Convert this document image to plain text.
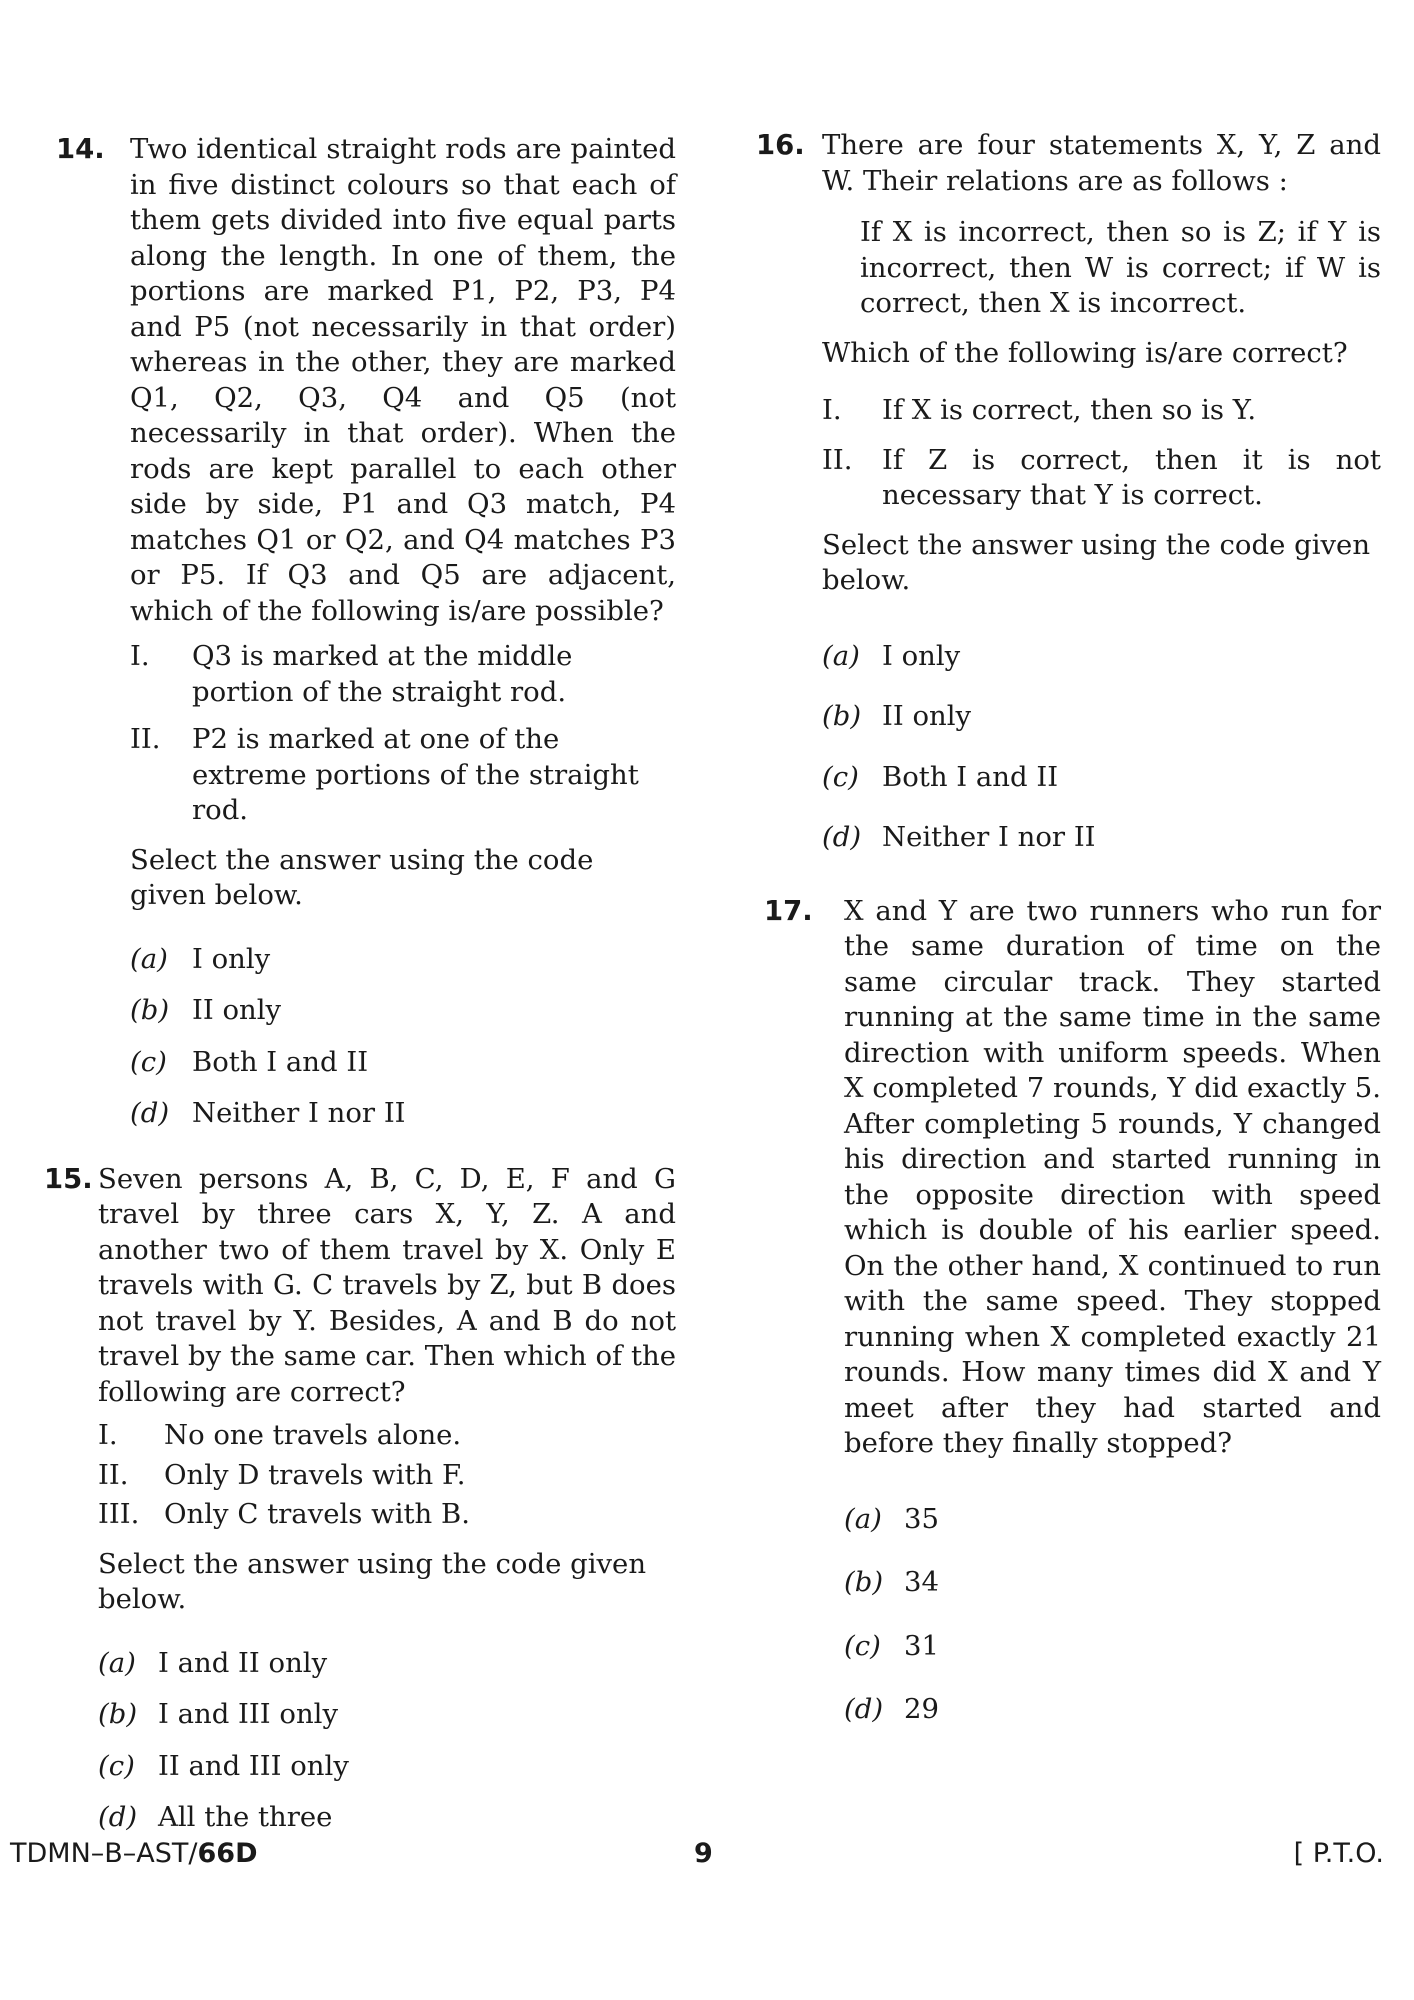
14. Two identical straight rods are painted in five distinct colours so that each of them gets divided into five equal parts along the length. In one of them, the portions are marked P1, P2, P3, P4 and P5 (not necessarily in that order) whereas in the other, they are marked Q1, Q2, Q3, Q4 and Q5 (not necessarily in that order). When the rods are kept parallel to each other side by side, P1 and Q3 match, P4 matches Q1 or Q2, and Q4 matches P3 or P5. If Q3 and Q5 are adjacent, which of the following is/are possible?
I. Q3 is marked at the middle portion of the straight rod.
II. P2 is marked at one of the extreme portions of the straight rod.
Select the answer using the code given below.
(a) I only
(b) II only
(c) Both I and II
(d) Neither I nor II
15. Seven persons A, B, C, D, E, F and G travel by three cars X, Y, Z. A and another two of them travel by X. Only E travels with G. C travels by Z, but B does not travel by Y. Besides, A and B do not travel by the same car. Then which of the following are correct?
I. No one travels alone.
II. Only D travels with F.
III. Only C travels with B.
Select the answer using the code given below.
(a) I and II only
(b) I and III only
(c) II and III only
(d) All the three
16. There are four statements X, Y, Z and W. Their relations are as follows :
If X is incorrect, then so is Z; if Y is incorrect, then W is correct; if W is correct, then X is incorrect.
Which of the following is/are correct?
I. If X is correct, then so is Y.
II. If Z is correct, then it is not necessary that Y is correct.
Select the answer using the code given below.
(a) I only
(b) II only
(c) Both I and II
(d) Neither I nor II
17. X and Y are two runners who run for the same duration of time on the same circular track. They started running at the same time in the same direction with uniform speeds. When X completed 7 rounds, Y did exactly 5. After completing 5 rounds, Y changed his direction and started running in the opposite direction with speed which is double of his earlier speed. On the other hand, X continued to run with the same speed. They stopped running when X completed exactly 21 rounds. How many times did X and Y meet after they had started and before they finally stopped?
(a) 35
(b) 34
(c) 31
(d) 29
TDMN–B–AST/66D	9	[ P.T.O.
